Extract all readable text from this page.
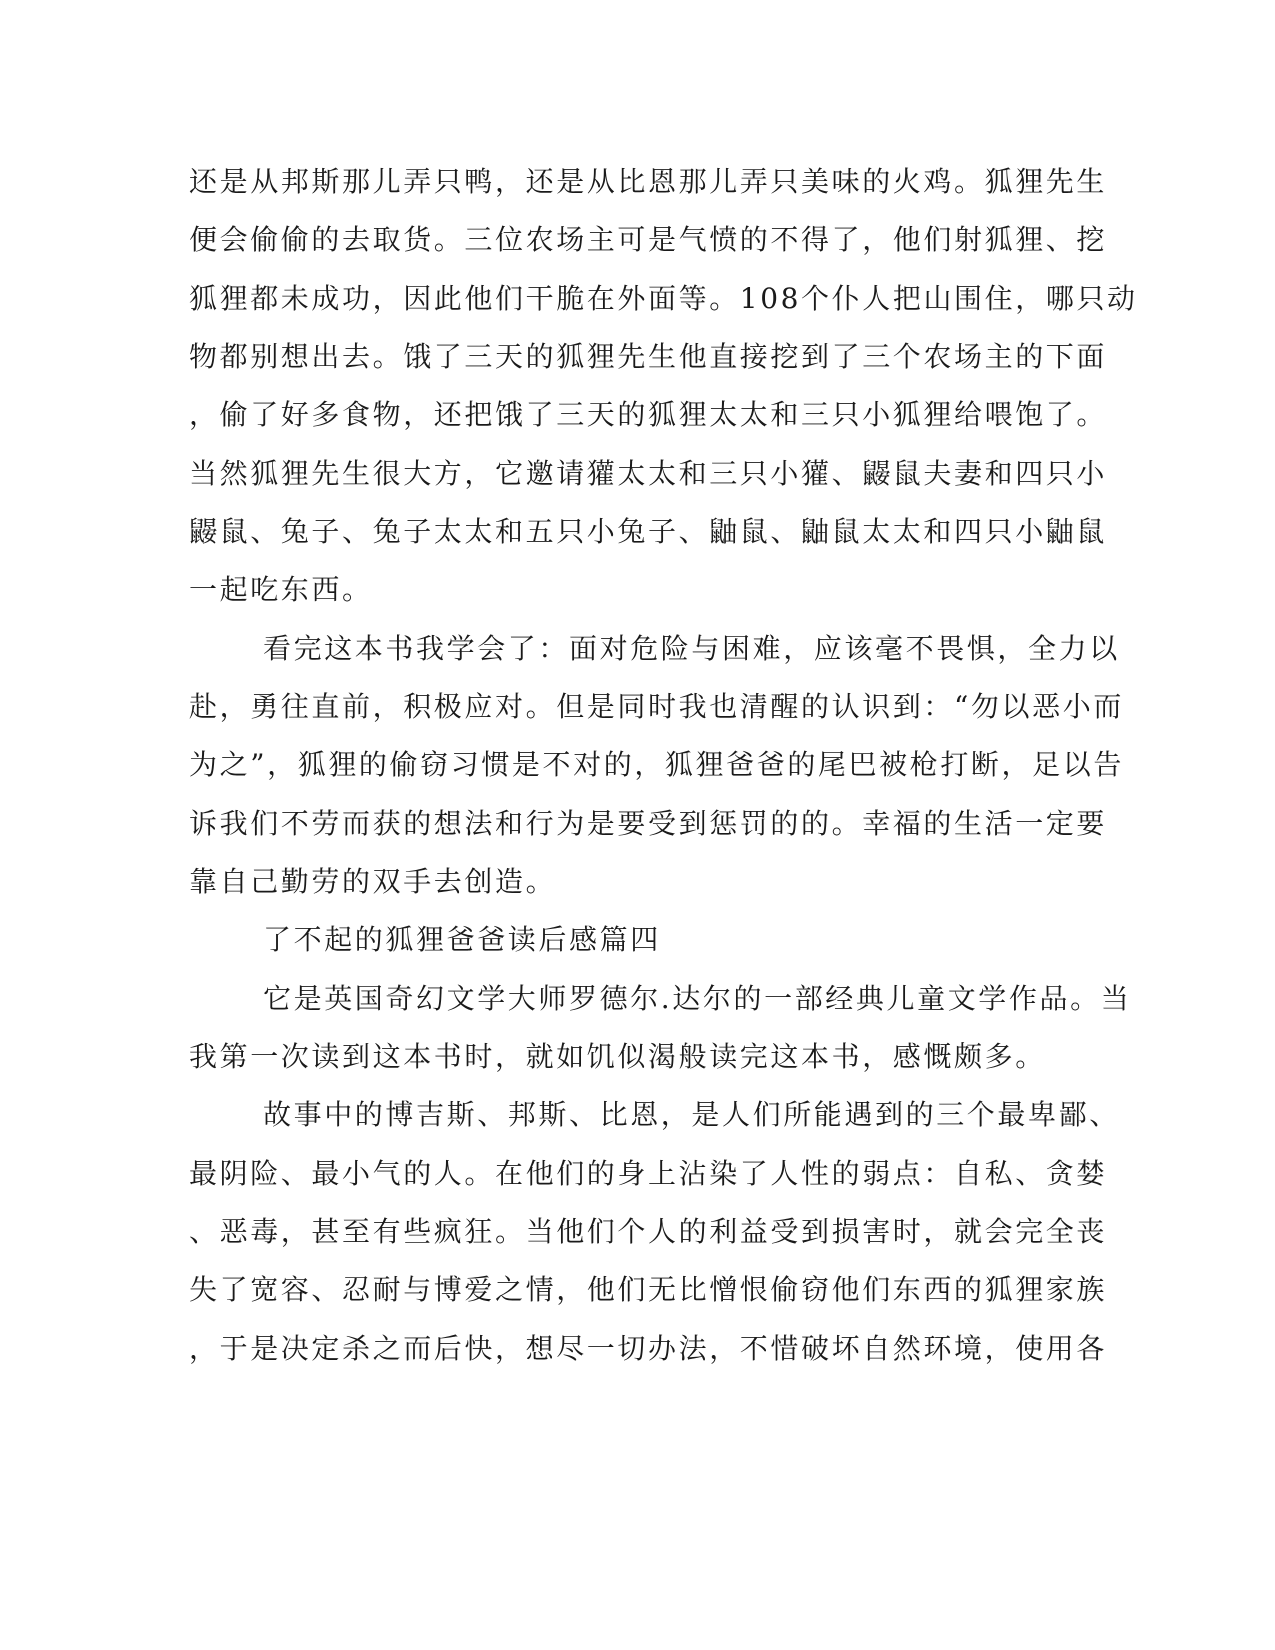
还是从邦斯那儿弄只鸭，还是从比恩那儿弄只美味的火鸡。狐狸先生
便会偷偷的去取货。三位农场主可是气愤的不得了，他们射狐狸、挖
狐狸都未成功，因此他们干脆在外面等。108个仆人把山围住，哪只动
物都别想出去。饿了三天的狐狸先生他直接挖到了三个农场主的下面
，偷了好多食物，还把饿了三天的狐狸太太和三只小狐狸给喂饱了。
当然狐狸先生很大方，它邀请獾太太和三只小獾、鼹鼠夫妻和四只小
鼹鼠、兔子、兔子太太和五只小兔子、鼬鼠、鼬鼠太太和四只小鼬鼠
一起吃东西。
看完这本书我学会了：面对危险与困难，应该毫不畏惧，全力以
赴，勇往直前，积极应对。但是同时我也清醒的认识到：“勿以恶小而
为之”，狐狸的偷窃习惯是不对的，狐狸爸爸的尾巴被枪打断，足以告
诉我们不劳而获的想法和行为是要受到惩罚的的。幸福的生活一定要
靠自己勤劳的双手去创造。
了不起的狐狸爸爸读后感篇四
它是英国奇幻文学大师罗德尔.达尔的一部经典儿童文学作品。当
我第一次读到这本书时，就如饥似渴般读完这本书，感慨颇多。
故事中的博吉斯、邦斯、比恩，是人们所能遇到的三个最卑鄙、
最阴险、最小气的人。在他们的身上沾染了人性的弱点：自私、贪婪
、恶毒，甚至有些疯狂。当他们个人的利益受到损害时，就会完全丧
失了宽容、忍耐与博爱之情，他们无比憎恨偷窃他们东西的狐狸家族
，于是决定杀之而后快，想尽一切办法，不惜破坏自然环境，使用各
